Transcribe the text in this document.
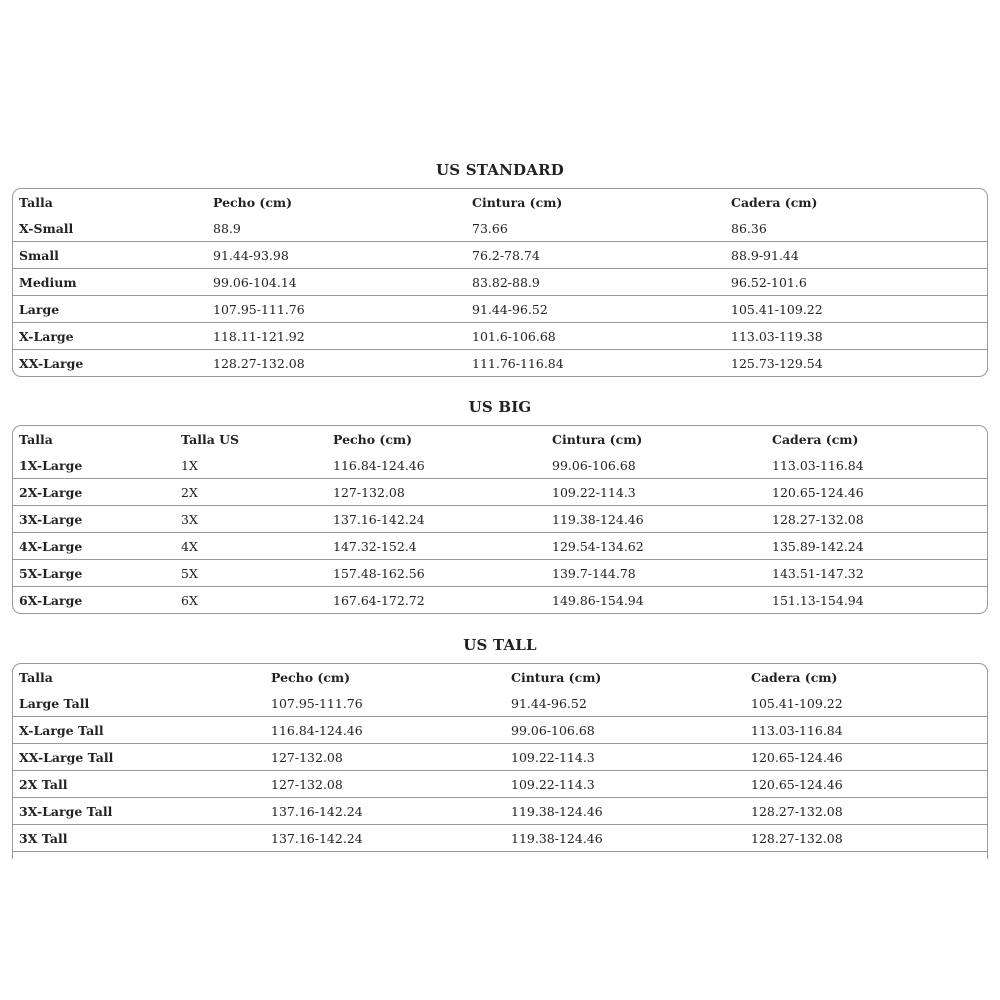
US STANDARD
Talla	Pecho (cm)	Cintura (cm)	Cadera (cm)
X-Small	88.9	73.66	86.36
Small	91.44-93.98	76.2-78.74	88.9-91.44
Medium	99.06-104.14	83.82-88.9	96.52-101.6
Large	107.95-111.76	91.44-96.52	105.41-109.22
X-Large	118.11-121.92	101.6-106.68	113.03-119.38
XX-Large	128.27-132.08	111.76-116.84	125.73-129.54
US BIG
Talla	Talla US	Pecho (cm)	Cintura (cm)	Cadera (cm)
1X-Large	1X	116.84-124.46	99.06-106.68	113.03-116.84
2X-Large	2X	127-132.08	109.22-114.3	120.65-124.46
3X-Large	3X	137.16-142.24	119.38-124.46	128.27-132.08
4X-Large	4X	147.32-152.4	129.54-134.62	135.89-142.24
5X-Large	5X	157.48-162.56	139.7-144.78	143.51-147.32
6X-Large	6X	167.64-172.72	149.86-154.94	151.13-154.94
US TALL
Talla	Pecho (cm)	Cintura (cm)	Cadera (cm)
Large Tall	107.95-111.76	91.44-96.52	105.41-109.22
X-Large Tall	116.84-124.46	99.06-106.68	113.03-116.84
XX-Large Tall	127-132.08	109.22-114.3	120.65-124.46
2X Tall	127-132.08	109.22-114.3	120.65-124.46
3X-Large Tall	137.16-142.24	119.38-124.46	128.27-132.08
3X Tall	137.16-142.24	119.38-124.46	128.27-132.08
